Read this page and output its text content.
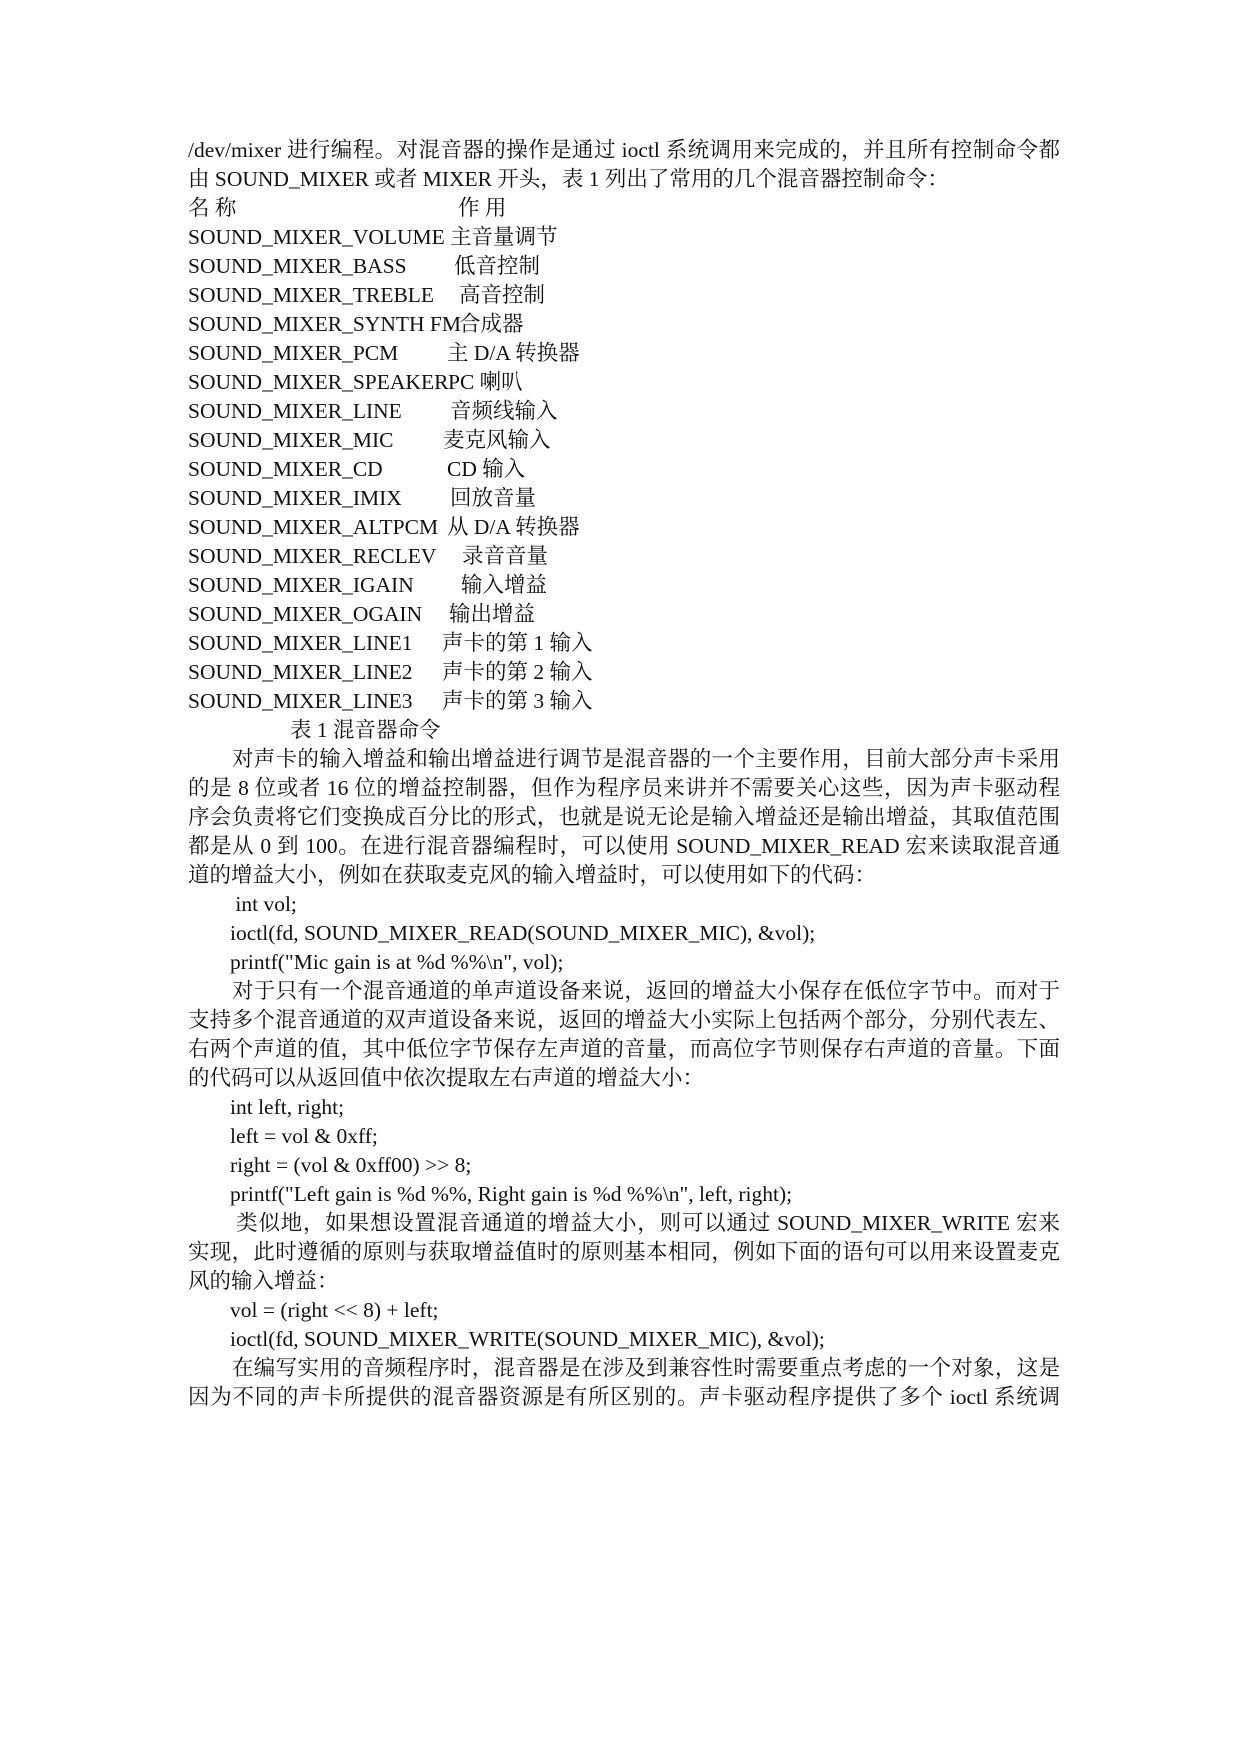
/dev/mixer 进行编程。对混音器的操作是通过 ioctl 系统调用来完成的，并且所有控制命令都
由 SOUND_MIXER 或者 MIXER 开头，表 1 列出了常用的几个混音器控制命令：
名 称	作 用
SOUND_MIXER_VOLUME 主音量调节
SOUND_MIXER_BASS 低音控制
SOUND_MIXER_TREBLE 高音控制
SOUND_MIXER_SYNTH FM
合成器
SOUND_MIXER_PCM 主 D/A 转换器
SOUND_MIXER_SPEAKER PC 喇叭
SOUND_MIXER_LINE 音频线输入
SOUND_MIXER_MIC 麦克风输入
SOUND_MIXER_CD	CD 输入
SOUND_MIXER_IMIX 回放音量
SOUND_MIXER_ALTPCM 从 D/A 转换器
SOUND_MIXER_RECLEV 录音音量
SOUND_MIXER_IGAIN 输入增益
SOUND_MIXER_OGAIN 输出增益
SOUND_MIXER_LINE1 声卡的第 1 输入
SOUND_MIXER_LINE2 声卡的第 2 输入
SOUND_MIXER_LINE3 声卡的第 3 输入
表 1 混音器命令
对声卡的输入增益和输出增益进行调节是混音器的一个主要作用，目前大部分声卡采用
的是 8 位或者 16 位的增益控制器，但作为程序员来讲并不需要关心这些，因为声卡驱动程
序会负责将它们变换成百分比的形式，也就是说无论是输入增益还是输出增益，其取值范围
都是从 0 到 100。在进行混音器编程时，可以使用 SOUND_MIXER_READ 宏来读取混音通
道的增益大小，例如在获取麦克风的输入增益时，可以使用如下的代码：
int vol;
ioctl(fd, SOUND_MIXER_READ(SOUND_MIXER_MIC), &vol);
printf("Mic gain is at %d %%\n", vol);
对于只有一个混音通道的单声道设备来说，返回的增益大小保存在低位字节中。而对于
支持多个混音通道的双声道设备来说，返回的增益大小实际上包括两个部分，分别代表左、
右两个声道的值，其中低位字节保存左声道的音量，而高位字节则保存右声道的音量。下面
的代码可以从返回值中依次提取左右声道的增益大小：
int left, right;
left = vol & 0xff;
right = (vol & 0xff00) >> 8;
printf("Left gain is %d %%, Right gain is %d %%\n", left, right);
类似地，如果想设置混音通道的增益大小，则可以通过 SOUND_MIXER_WRITE 宏来
实现，此时遵循的原则与获取增益值时的原则基本相同，例如下面的语句可以用来设置麦克
风的输入增益：
vol = (right << 8) + left;
ioctl(fd, SOUND_MIXER_WRITE(SOUND_MIXER_MIC), &vol);
在编写实用的音频程序时，混音器是在涉及到兼容性时需要重点考虑的一个对象，这是
因为不同的声卡所提供的混音器资源是有所区别的。声卡驱动程序提供了多个 ioctl 系统调
